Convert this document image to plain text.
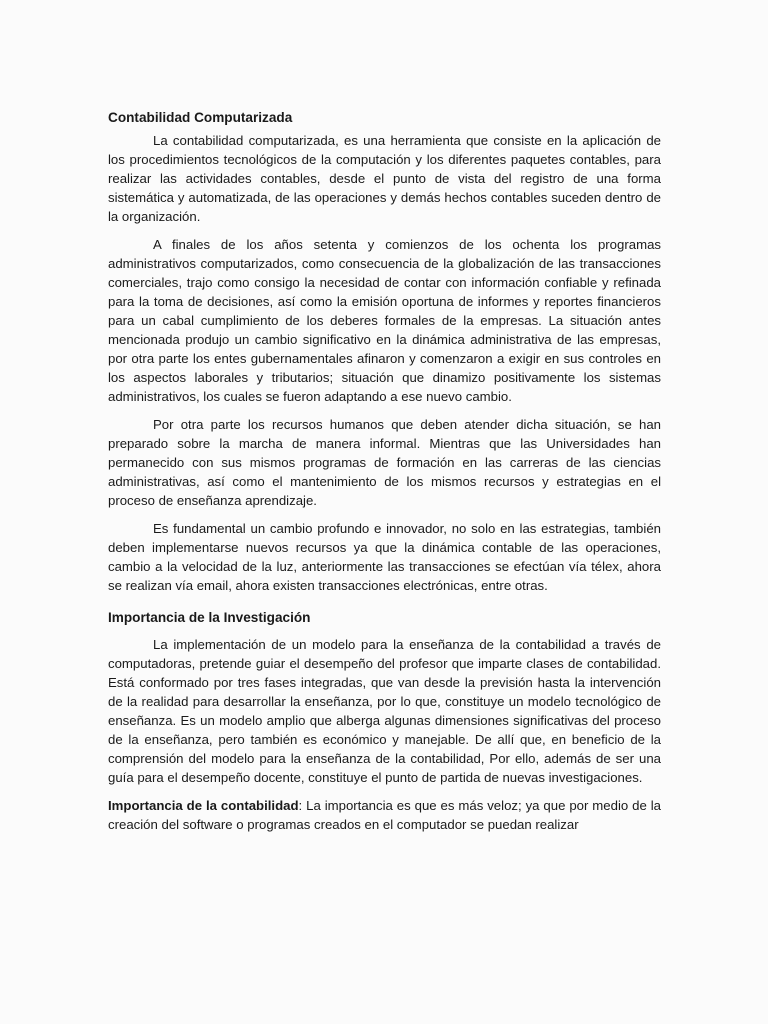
Contabilidad Computarizada

La contabilidad computarizada, es una herramienta que consiste en la aplicación de los procedimientos tecnológicos de la computación y los diferentes paquetes contables, para realizar las actividades contables, desde el punto de vista del registro de una forma sistemática y automatizada, de las operaciones y demás hechos contables suceden dentro de la organización.

A finales de los años setenta y comienzos de los ochenta los programas administrativos computarizados, como consecuencia de la globalización de las transacciones comerciales, trajo como consigo la necesidad de contar con información confiable y refinada para la toma de decisiones, así como la emisión oportuna de informes y reportes financieros para un cabal cumplimiento de los deberes formales de la empresas. La situación antes mencionada produjo un cambio significativo en la dinámica administrativa de las empresas, por otra parte los entes gubernamentales afinaron y comenzaron a exigir en sus controles en los aspectos laborales y tributarios; situación que dinamizo positivamente los sistemas administrativos, los cuales se fueron adaptando a ese nuevo cambio.

Por otra parte los recursos humanos que deben atender dicha situación, se han preparado sobre la marcha de manera informal. Mientras que las Universidades han permanecido con sus mismos programas de formación en las carreras de las ciencias administrativas, así como el mantenimiento de los mismos recursos y estrategias en el proceso de enseñanza aprendizaje.

Es fundamental un cambio profundo e innovador, no solo en las estrategias, también deben implementarse nuevos recursos ya que la dinámica contable de las operaciones, cambio a la velocidad de la luz, anteriormente las transacciones se efectúan vía télex, ahora se realizan vía email, ahora existen transacciones electrónicas, entre otras.

Importancia de la Investigación

La implementación de un modelo para la enseñanza de la contabilidad a través de computadoras, pretende guiar el desempeño del profesor que imparte clases de contabilidad. Está conformado por tres fases integradas, que van desde la previsión hasta la intervención de la realidad para desarrollar la enseñanza, por lo que, constituye un modelo tecnológico de enseñanza. Es un modelo amplio que alberga algunas dimensiones significativas del proceso de la enseñanza, pero también es económico y manejable. De allí que, en beneficio de la comprensión del modelo para la enseñanza de la contabilidad, Por ello, además de ser una guía para el desempeño docente, constituye el punto de partida de nuevas investigaciones.

Importancia de la contabilidad: La importancia es que es más veloz; ya que por medio de la creación del software o programas creados en el computador se puedan realizar
